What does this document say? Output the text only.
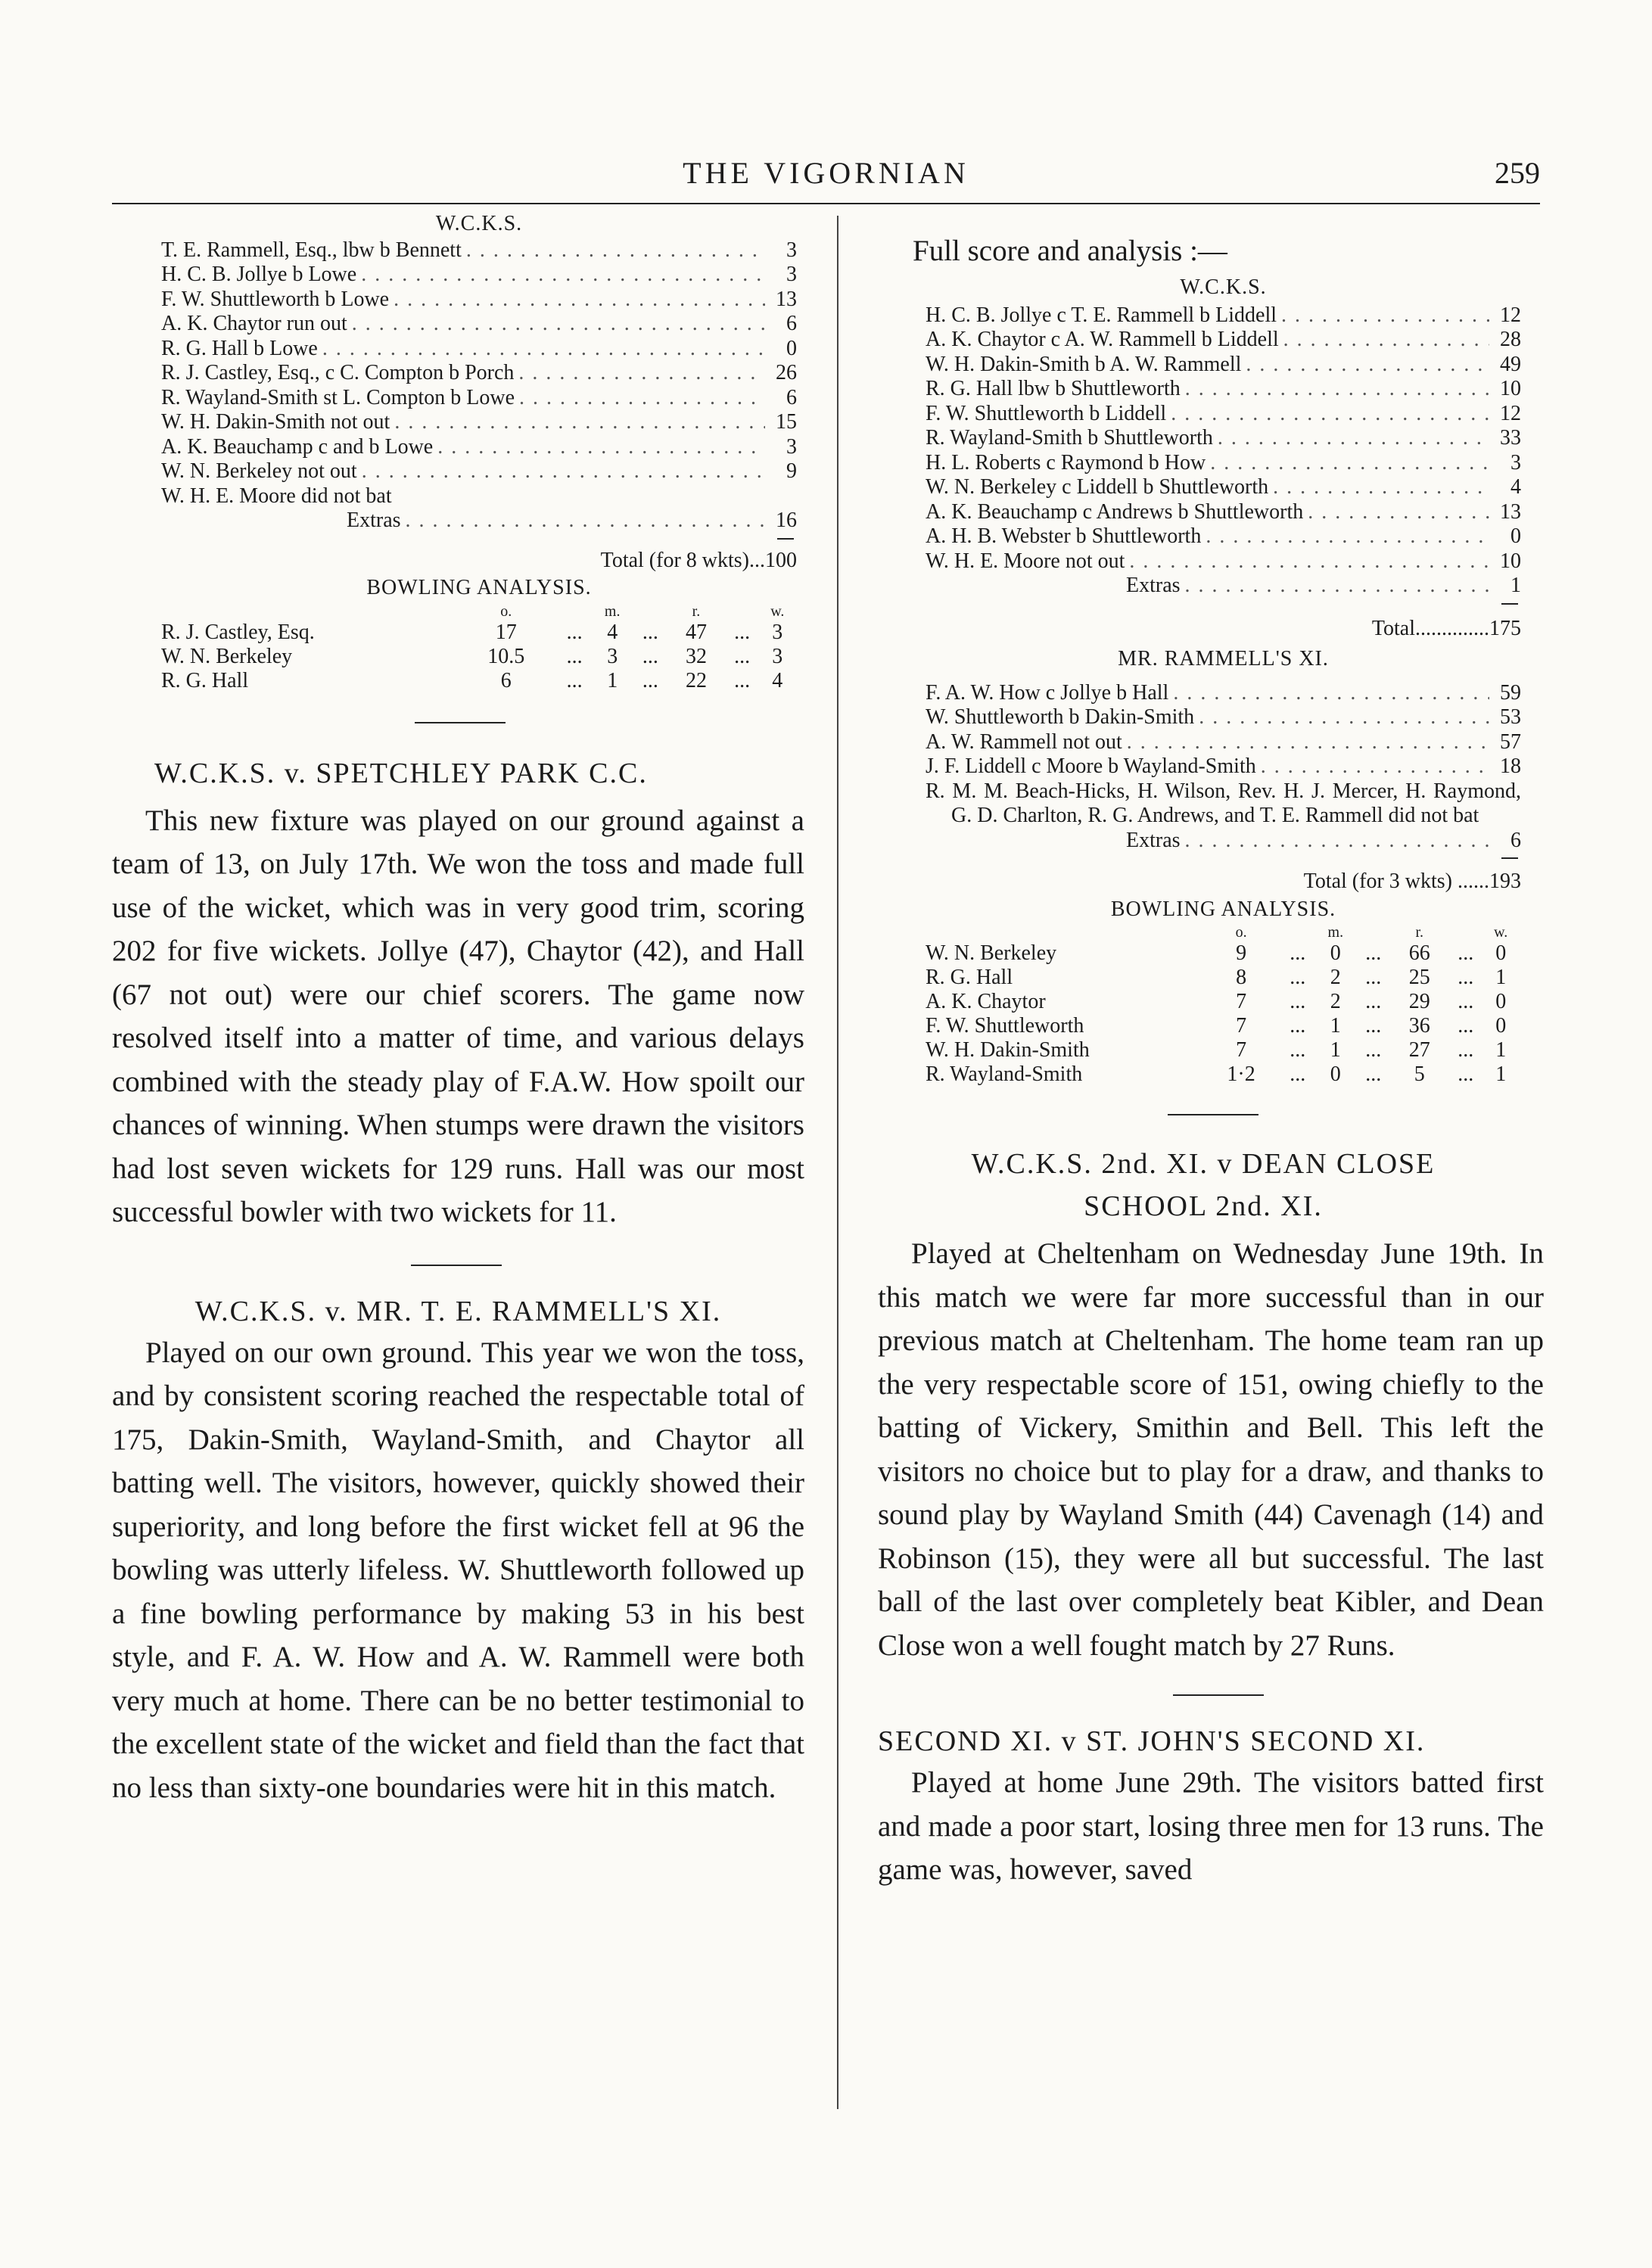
THE VIGORNIAN	259
W.C.K.S.
T. E. Rammell, Esq., lbw b Bennett . . .	3
H. C. B. Jollye b Lowe . . .	3
F. W. Shuttleworth b Lowe . . .	13
A. K. Chaytor run out . . .	6
R. G. Hall b Lowe . . .	0
R. J. Castley, Esq., c C. Compton b Porch . . .	26
R. Wayland-Smith st L. Compton b Lowe . . .	6
W. H. Dakin-Smith not out . . .	15
A. K. Beauchamp c and b Lowe . . .	3
W. N. Berkeley not out . . .	9
W. H. E. Moore did not bat
Extras . . .	16
Total (for 8 wkts)...100
BOWLING ANALYSIS.
	o.		m.		r.		w.
R. J. Castley, Esq.	17	...	4	...	47	...	3
W. N. Berkeley	10.5	...	3	...	32	...	3
R. G. Hall	6	...	1	...	22	...	4
W.C.K.S. v. SPETCHLEY PARK C.C.

This new fixture was played on our ground against a team of 13, on July 17th. We won the toss and made full use of the wicket, which was in very good trim, scoring 202 for five wickets. Jollye (47), Chaytor (42), and Hall (67 not out) were our chief scorers. The game now resolved itself into a matter of time, and various delays combined with the steady play of F.A.W. How spoilt our chances of winning. When stumps were drawn the visitors had lost seven wickets for 129 runs. Hall was our most successful bowler with two wickets for 11.

W.C.K.S. v. MR. T. E. RAMMELL'S XI.

Played on our own ground. This year we won the toss, and by consistent scoring reached the respectable total of 175, Dakin-Smith, Wayland-Smith, and Chaytor all batting well. The visitors, however, quickly showed their superiority, and long before the first wicket fell at 96 the bowling was utterly lifeless. W. Shuttleworth followed up a fine bowling performance by making 53 in his best style, and F. A. W. How and A. W. Rammell were both very much at home. There can be no better testimonial to the excellent state of the wicket and field than the fact that no less than sixty-one boundaries were hit in this match.

Full score and analysis :—
W.C.K.S.
H. C. B. Jollye c T. E. Rammell b Liddell . . .	12
A. K. Chaytor c A. W. Rammell b Liddell . . .	28
W. H. Dakin-Smith b A. W. Rammell . . .	49
R. G. Hall lbw b Shuttleworth . . .	10
F. W. Shuttleworth b Liddell . . .	12
R. Wayland-Smith b Shuttleworth . . .	33
H. L. Roberts c Raymond b How . . .	3
W. N. Berkeley c Liddell b Shuttleworth . . .	4
A. K. Beauchamp c Andrews b Shuttleworth . . .	13
A. H. B. Webster b Shuttleworth . . .	0
W. H. E. Moore not out . . .	10
Extras . . .	1
Total..............175
MR. RAMMELL'S XI.
F. A. W. How c Jollye b Hall . . .	59
W. Shuttleworth b Dakin-Smith . . .	53
A. W. Rammell not out . . .	57
J. F. Liddell c Moore b Wayland-Smith . . .	18
R. M. M. Beach-Hicks, H. Wilson, Rev. H. J. Mercer, H. Raymond, G. D. Charlton, R. G. Andrews, and T. E. Rammell did not bat
Extras . . .	6
Total (for 3 wkts) ......193
BOWLING ANALYSIS.
	o.		m.		r.		w.
W. N. Berkeley	9	...	0	...	66	...	0
R. G. Hall	8	...	2	...	25	...	1
A. K. Chaytor	7	...	2	...	29	...	0
F. W. Shuttleworth	7	...	1	...	36	...	0
W. H. Dakin-Smith	7	...	1	...	27	...	1
R. Wayland-Smith	1·2	...	0	...	5	...	1
W.C.K.S. 2nd. XI. v DEAN CLOSE SCHOOL 2nd. XI.

Played at Cheltenham on Wednesday June 19th. In this match we were far more successful than in our previous match at Cheltenham. The home team ran up the very respectable score of 151, owing chiefly to the batting of Vickery, Smithin and Bell. This left the visitors no choice but to play for a draw, and thanks to sound play by Wayland Smith (44) Cavenagh (14) and Robinson (15), they were all but successful. The last ball of the last over completely beat Kibler, and Dean Close won a well fought match by 27 Runs.

SECOND XI. v ST. JOHN'S SECOND XI.

Played at home June 29th. The visitors batted first and made a poor start, losing three men for 13 runs. The game was, however, saved
